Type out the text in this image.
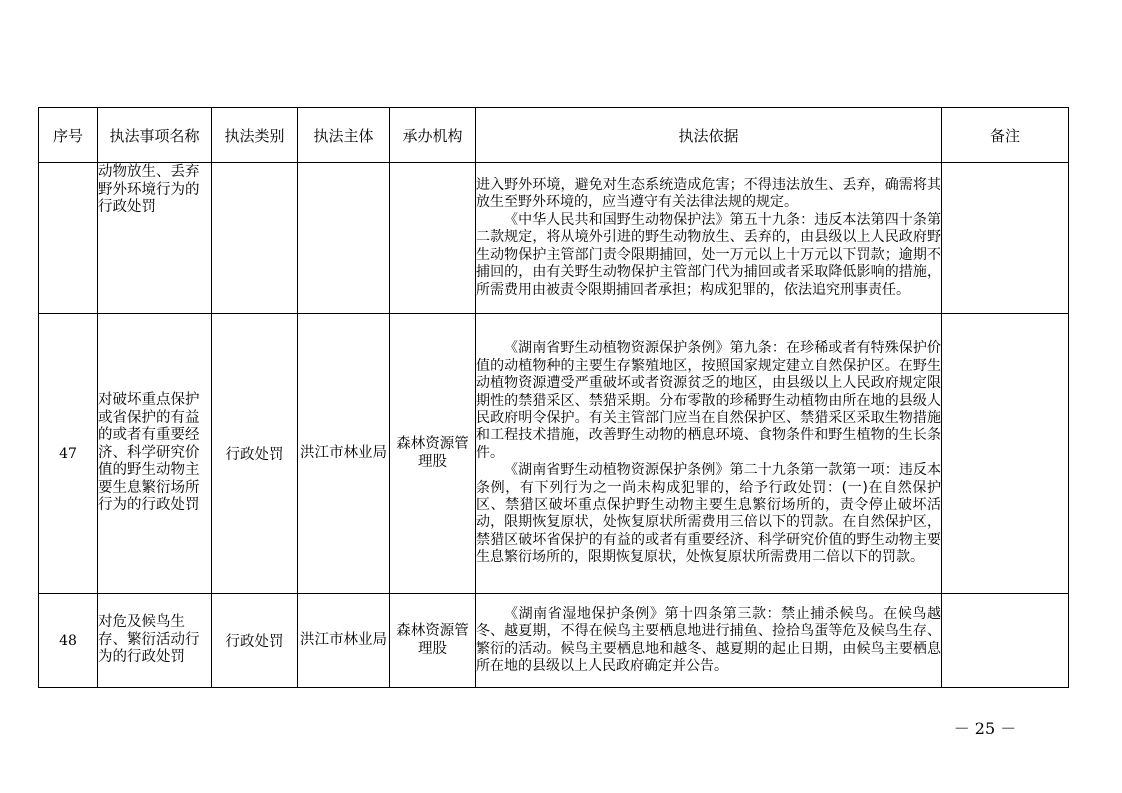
序号	执法事项名称	执法类别	执法主体	承办机构	执法依据	备注
	动物放生、丢弃野外环境行为的行政处罚				进入野外环境，避免对生态系统造成危害；不得违法放生、丢弃，确需将其放生至野外环境的，应当遵守有关法律法规的规定。

《中华人民共和国野生动物保护法》第五十九条：违反本法第四十条第二款规定，将从境外引进的野生动物放生、丢弃的，由县级以上人民政府野生动物保护主管部门责令限期捕回，处一万元以上十万元以下罚款；逾期不捕回的，由有关野生动物保护主管部门代为捕回或者采取降低影响的措施，所需费用由被责令限期捕回者承担；构成犯罪的，依法追究刑事责任。	

47	对破坏重点保护或省保护的有益的或者有重要经济、科学研究价值的野生动物主要生息繁衍场所行为的行政处罚	行政处罚	洪江市林业局	森林资源管理股	《湖南省野生动植物资源保护条例》第九条：在珍稀或者有特殊保护价值的动植物种的主要生存繁殖地区，按照国家规定建立自然保护区。在野生动植物资源遭受严重破坏或者资源贫乏的地区，由县级以上人民政府规定限期性的禁猎采区、禁猎采期。分布零散的珍稀野生动植物由所在地的县级人民政府明令保护。有关主管部门应当在自然保护区、禁猎采区采取生物措施和工程技术措施，改善野生动物的栖息环境、食物条件和野生植物的生长条件。

《湖南省野生动植物资源保护条例》第二十九条第一款第一项：违反本条例，有下列行为之一尚未构成犯罪的，给予行政处罚：(一)在自然保护区、禁猎区破坏重点保护野生动物主要生息繁衍场所的，责令停止破坏活动，限期恢复原状，处恢复原状所需费用三倍以下的罚款。在自然保护区，禁猎区破坏省保护的有益的或者有重要经济、科学研究价值的野生动物主要生息繁衍场所的，限期恢复原状，处恢复原状所需费用二倍以下的罚款。	

48	对危及候鸟生存、繁衍活动行为的行政处罚	行政处罚	洪江市林业局	森林资源管理股	《湖南省湿地保护条例》第十四条第三款：禁止捕杀候鸟。在候鸟越冬、越夏期，不得在候鸟主要栖息地进行捕鱼、捡拾鸟蛋等危及候鸟生存、繁衍的活动。候鸟主要栖息地和越冬、越夏期的起止日期，由候鸟主要栖息所在地的县级以上人民政府确定并公告。	

－ 25 －
